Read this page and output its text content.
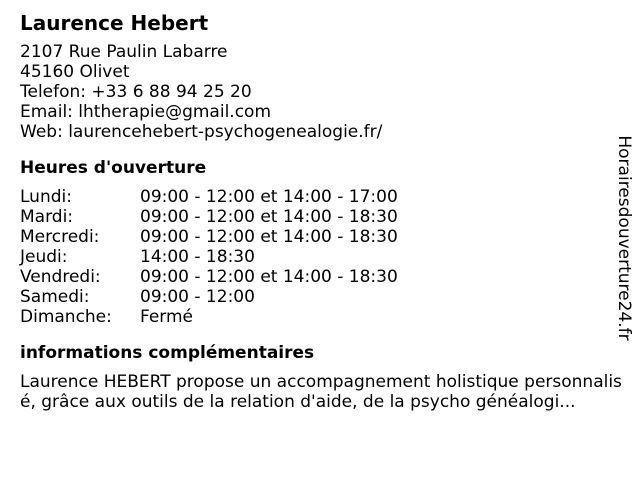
Laurence Hebert
2107 Rue Paulin Labarre
45160 Olivet
Telefon: +33 6 88 94 25 20
Email: lhtherapie@gmail.com
Web: laurencehebert-psychogenealogie.fr/
Heures d'ouverture
Lundi:	09:00 - 12:00 et 14:00 - 17:00
Mardi:	09:00 - 12:00 et 14:00 - 18:30
Mercredi:	09:00 - 12:00 et 14:00 - 18:30
Jeudi:	14:00 - 18:30
Vendredi:	09:00 - 12:00 et 14:00 - 18:30
Samedi:	09:00 - 12:00
Dimanche:	Fermé
informations complémentaires
Laurence HEBERT propose un accompagnement holistique personnalisé, grâce aux outils de la relation d'aide, de la psycho généalogi...
Horairesdouverture24.fr
